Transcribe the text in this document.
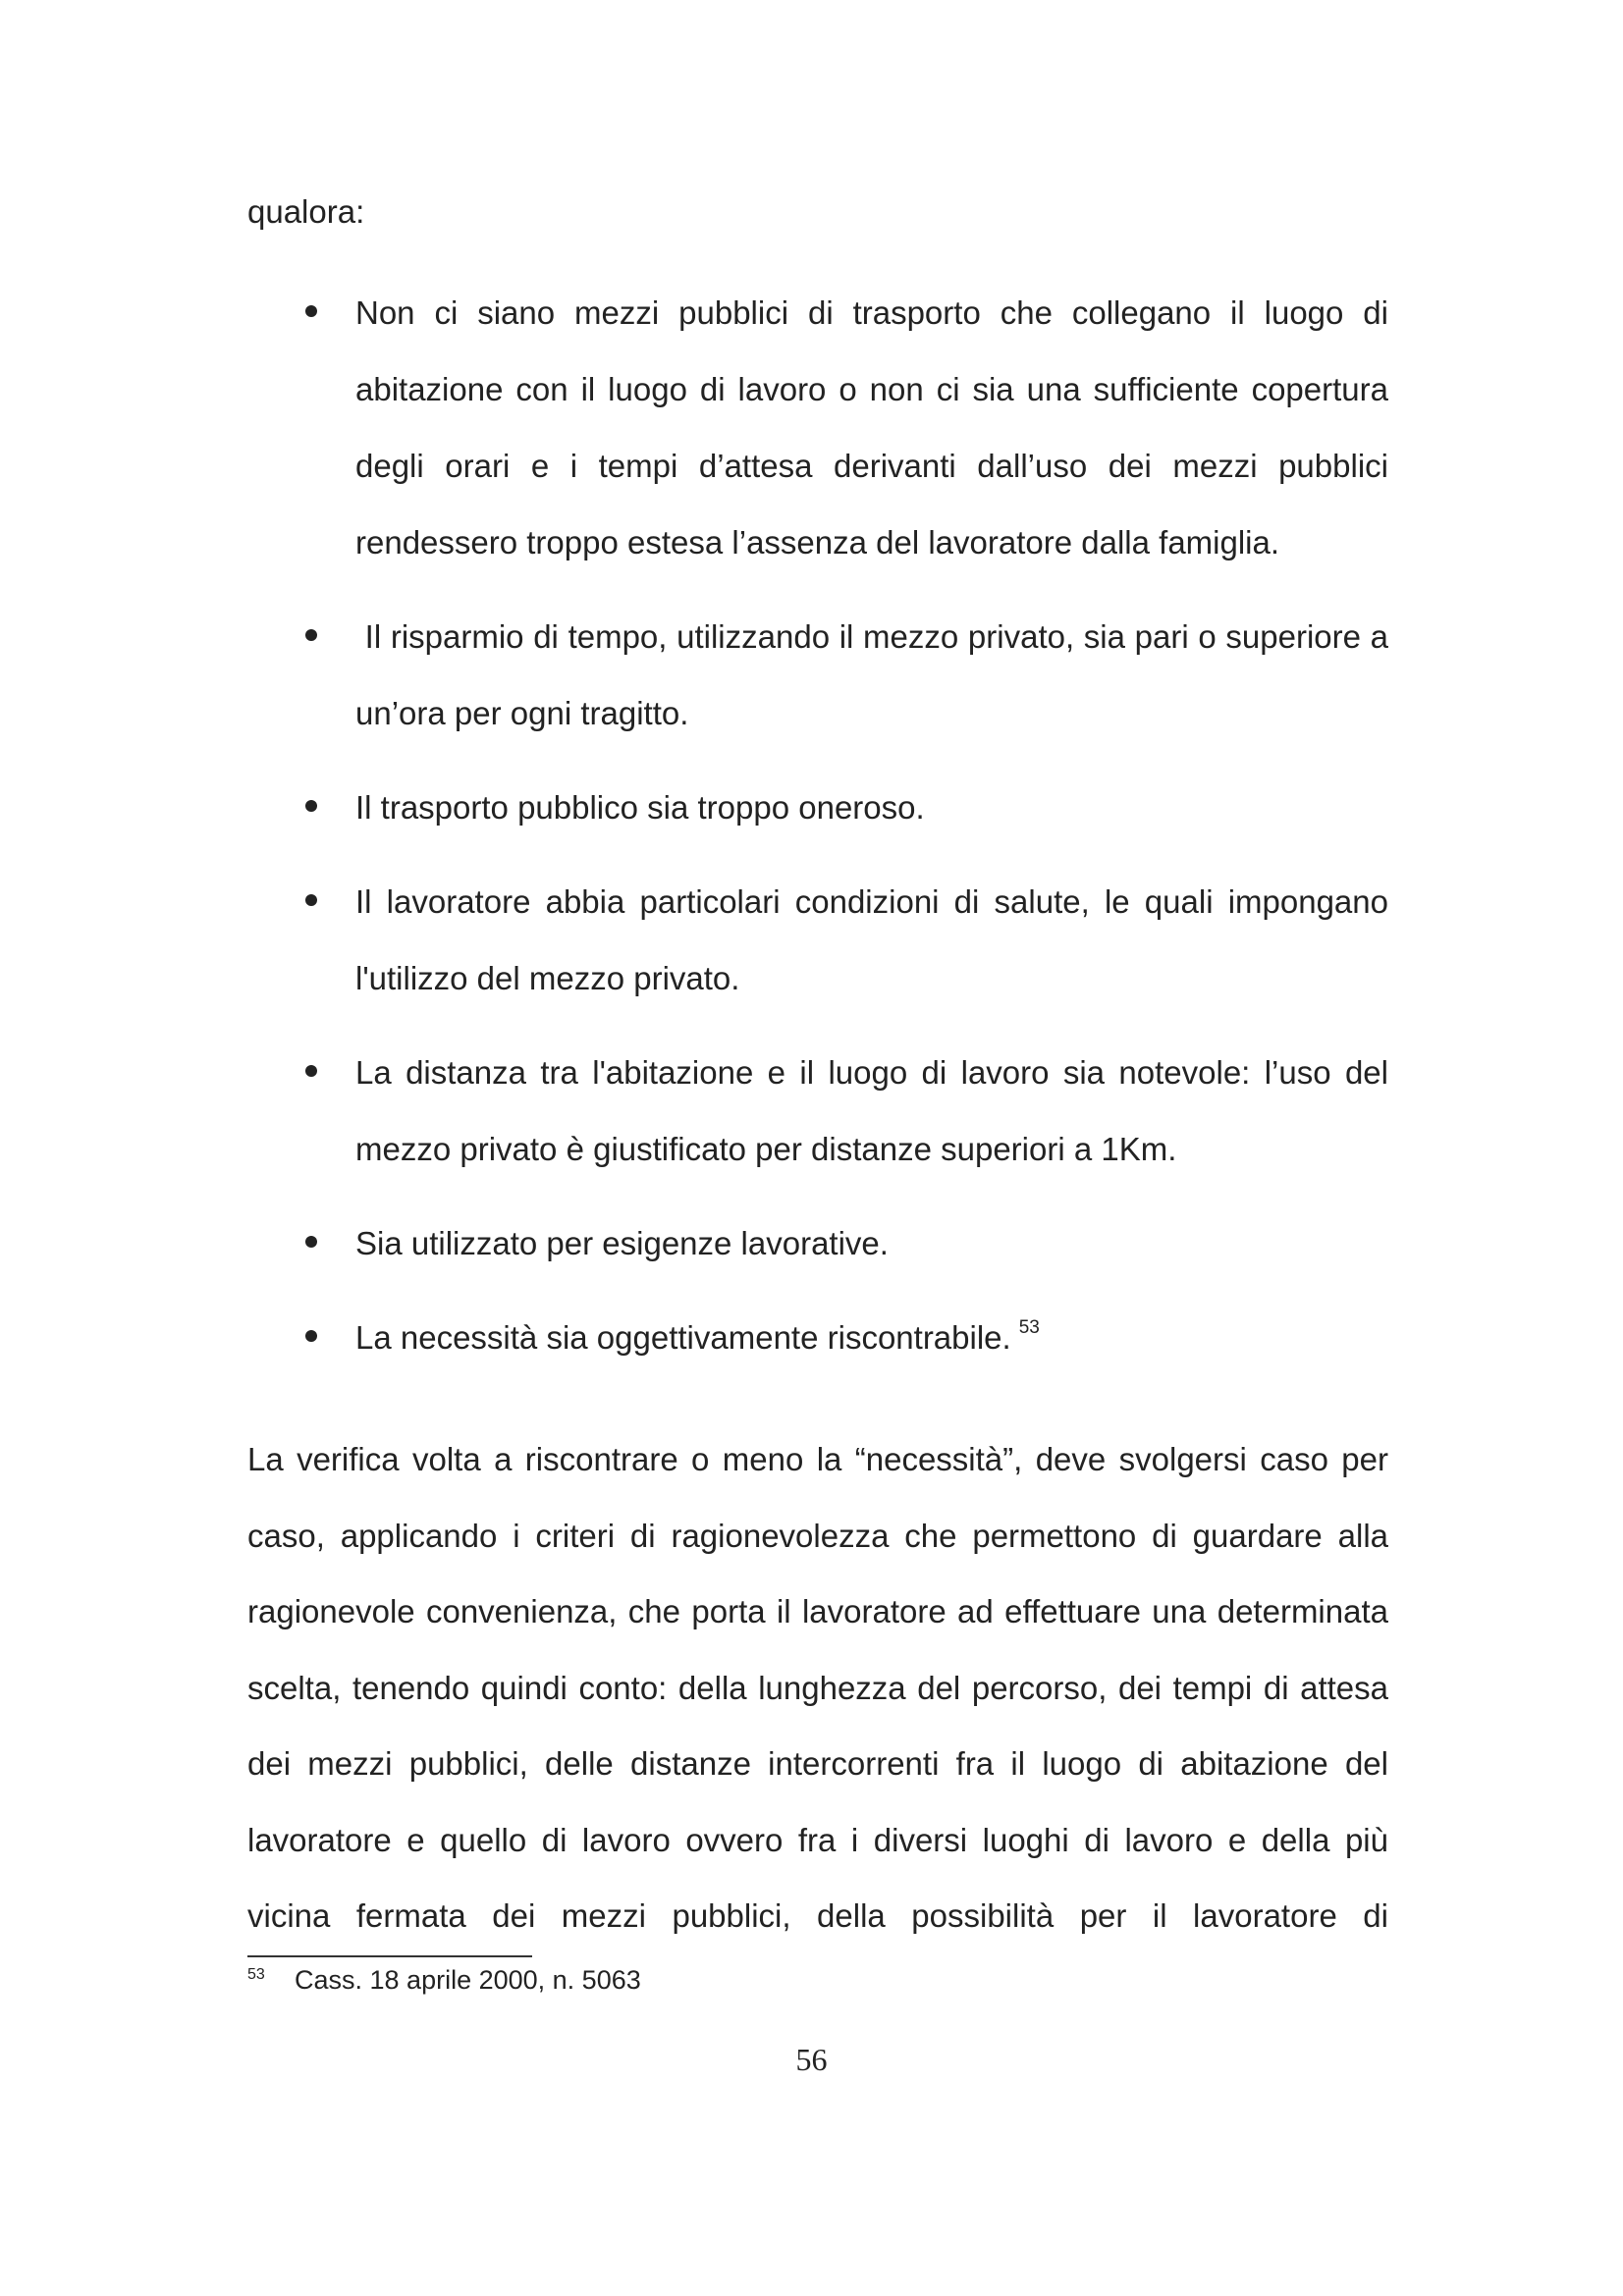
qualora:

Non ci siano mezzi pubblici di trasporto che collegano il luogo di abitazione con il luogo di lavoro o non ci sia una sufficiente copertura degli orari e i tempi d’attesa derivanti dall’uso dei mezzi pubblici rendessero troppo estesa l’assenza del lavoratore dalla famiglia.
Il risparmio di tempo, utilizzando il mezzo privato, sia pari o superiore a un’ora per ogni tragitto.
Il trasporto pubblico sia troppo oneroso.
Il lavoratore abbia particolari condizioni di salute, le quali impongano l'utilizzo del mezzo privato.
La distanza tra l'abitazione e il luogo di lavoro sia notevole: l’uso del mezzo privato è giustificato per distanze superiori a 1Km.
Sia utilizzato per esigenze lavorative.
La necessità sia oggettivamente riscontrabile. $^{53}$

La verifica volta a riscontrare o meno la “necessità”, deve svolgersi caso per caso, applicando i criteri di ragionevolezza che permettono di guardare alla ragionevole convenienza, che porta il lavoratore ad effettuare una determinata scelta, tenendo quindi conto: della lunghezza del percorso, dei tempi di attesa dei mezzi pubblici, delle distanze intercorrenti fra il luogo di abitazione del lavoratore e quello di lavoro ovvero fra i diversi luoghi di lavoro e della più vicina fermata dei mezzi pubblici, della possibilità per il lavoratore di

53 Cass. 18 aprile 2000, n. 5063

56
